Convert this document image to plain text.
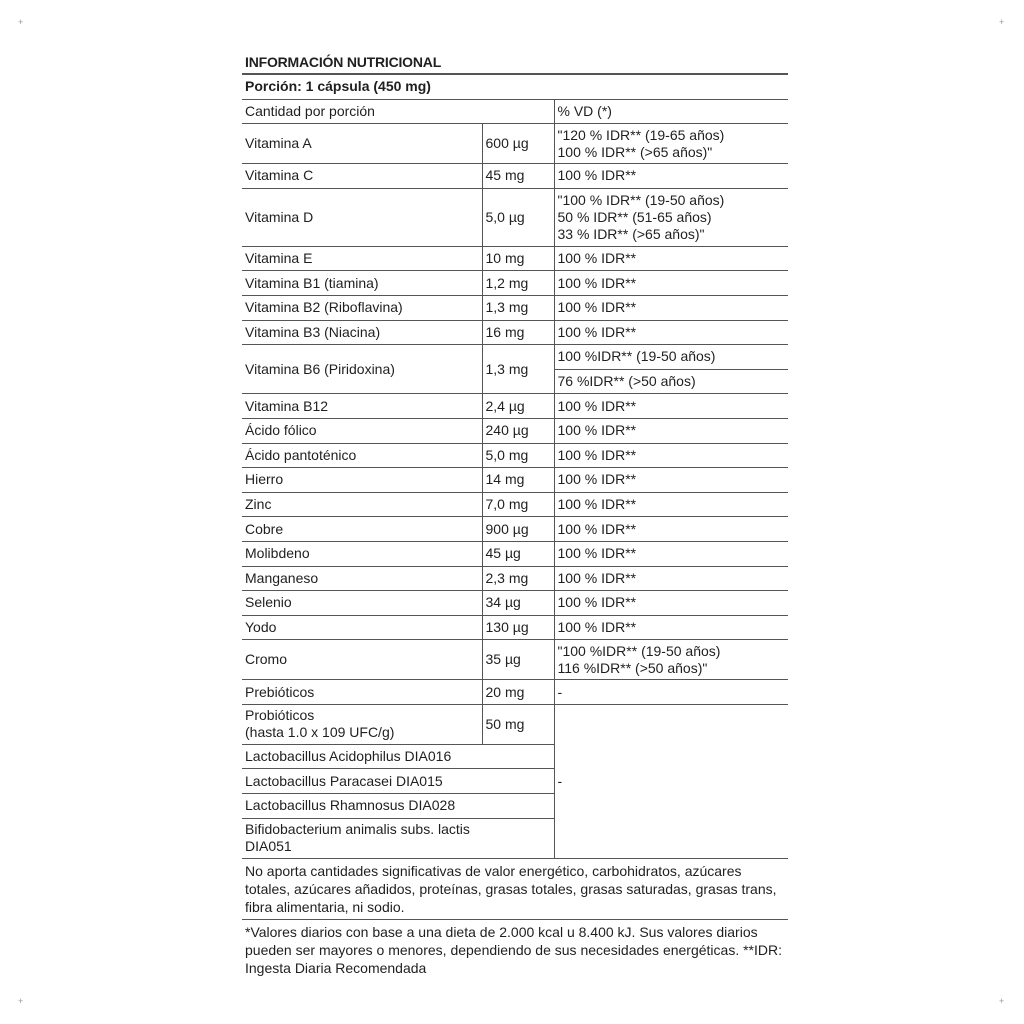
+	+
+	+
INFORMACIÓN NUTRICIONAL
Porción: 1 cápsula (450 mg)		
Cantidad por porción		% VD (*)
Vitamina A	600 µg	"120 % IDR** (19-65 años)
100 % IDR** (>65 años)"
Vitamina C	45 mg	100 % IDR**
Vitamina D	5,0 µg	"100 % IDR** (19-50 años)
50 % IDR** (51-65 años)
33 % IDR** (>65 años)"
Vitamina E	10 mg	100 % IDR**
Vitamina B1 (tiamina)	1,2 mg	100 % IDR**
Vitamina B2 (Riboflavina)	1,3 mg	100 % IDR**
Vitamina B3 (Niacina)	16 mg	100 % IDR**
Vitamina B6 (Piridoxina)	1,3 mg	100 %IDR** (19-50 años)
		76 %IDR** (>50 años)
Vitamina B12	2,4 µg	100 % IDR**
Ácido fólico	240 µg	100 % IDR**
Ácido pantoténico	5,0 mg	100 % IDR**
Hierro	14 mg	100 % IDR**
Zinc	7,0 mg	100 % IDR**
Cobre	900 µg	100 % IDR**
Molibdeno	45 µg	100 % IDR**
Manganeso	2,3 mg	100 % IDR**
Selenio	34 µg	100 % IDR**
Yodo	130 µg	100 % IDR**
Cromo	35 µg	"100 %IDR** (19-50 años)
116 %IDR** (>50 años)"
Prebióticos	20 mg	-
Probióticos
(hasta 1.0 x 109 UFC/g)	50 mg	-
Lactobacillus Acidophilus DIA016		
Lactobacillus Paracasei DIA015		
Lactobacillus Rhamnosus DIA028		
Bifidobacterium animalis subs. lactis
DIA051		
No aporta cantidades significativas de valor energético, carbohidratos, azúcares totales, azúcares añadidos, proteínas, grasas totales, grasas saturadas, grasas trans, fibra alimentaria, ni sodio.
*Valores diarios con base a una dieta de 2.000 kcal u 8.400 kJ. Sus valores diarios pueden ser mayores o menores, dependiendo de sus necesidades energéticas. **IDR: Ingesta Diaria Recomendada
